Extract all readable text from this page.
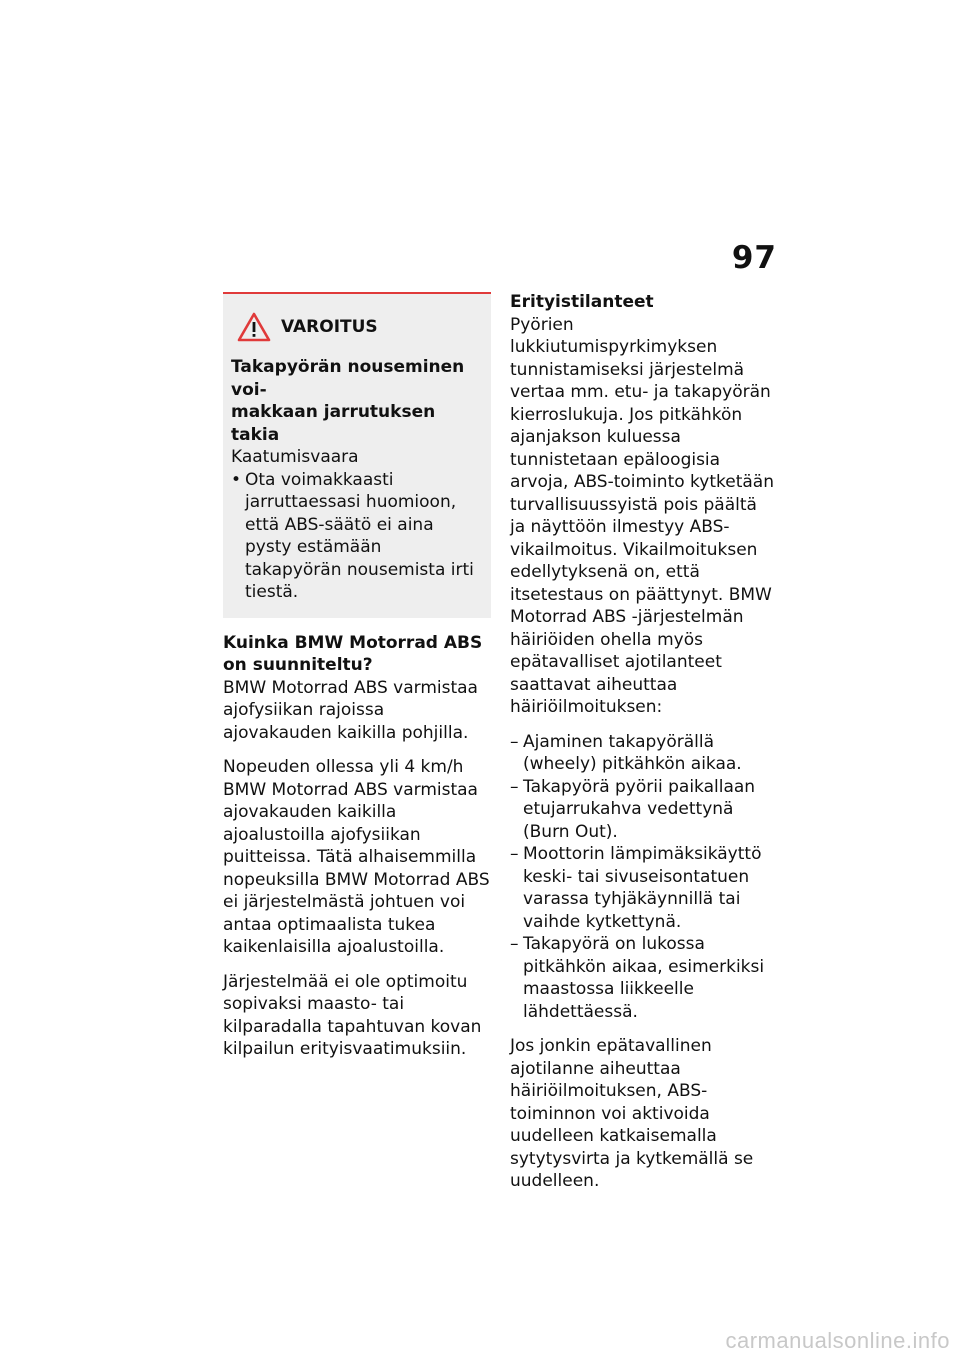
97
VAROITUS
Takapyörän nouseminen voi-
makkaan jarrutuksen takia
Kaatumisvaara
• Ota voimakkaasti jarruttaessasi huomioon, että ABS-säätö ei aina pysty estämään takapyörän nousemista irti tiestä.

Kuinka BMW Motorrad ABS on suunniteltu?

BMW Motorrad ABS varmistaa ajofysiikan rajoissa ajovakauden kaikilla pohjilla.

Nopeuden ollessa yli 4 km/h BMW Motorrad ABS varmistaa ajovakauden kaikilla ajoalustoilla ajofysiikan puitteissa. Tätä alhaisemmilla nopeuksilla BMW Motorrad ABS ei järjestelmästä johtuen voi antaa optimaalista tukea kaikenlaisilla ajoalustoilla.

Järjestelmää ei ole optimoitu sopivaksi maasto- tai kilparadalla tapahtuvan kovan kilpailun erityisvaatimuksiin.

Erityistilanteet

Pyörien lukkiutumispyrkimyksen tunnistamiseksi järjestelmä vertaa mm. etu- ja takapyörän kierroslukuja. Jos pitkähkön ajanjakson kuluessa tunnistetaan epäloogisia arvoja, ABS-toiminto kytketään turvallisuussyistä pois päältä ja näyttöön ilmestyy ABS-vikailmoitus. Vikailmoituksen edellytyksenä on, että itsetestaus on päättynyt. BMW Motorrad ABS -järjestelmän häiriöiden ohella myös epätavalliset ajotilanteet saattavat aiheuttaa häiriöilmoituksen:

– Ajaminen takapyörällä (wheely) pitkähkön aikaa.
– Takapyörä pyörii paikallaan etujarrukahva vedettynä (Burn Out).
– Moottorin lämpimäksikäyttö keski- tai sivuseisontatuen varassa tyhjäkäynnillä tai vaihde kytkettynä.
– Takapyörä on lukossa pitkähkön aikaa, esimerkiksi maastossa liikkeelle lähdettäessä.

Jos jonkin epätavallinen ajotilanne aiheuttaa häiriöilmoituksen, ABS-toiminnon voi aktivoida uudelleen katkaisemalla sytytysvirta ja kytkemällä se uudelleen.

carmanualsonline.info
